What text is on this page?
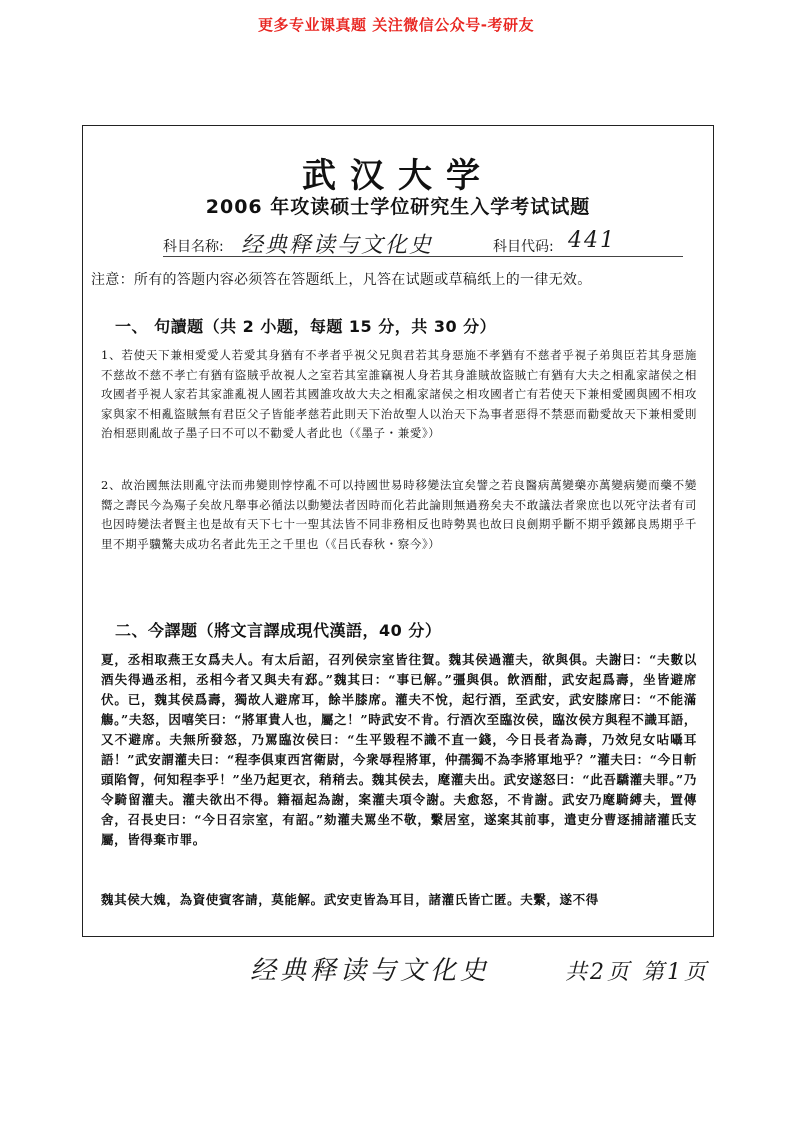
更多专业课真题 关注微信公众号-考研友
武汉大学
2006 年攻读硕士学位研究生入学考试试题
科目名称: 经典释读与文化史	科目代码: 441
注意：所有的答题内容必须答在答题纸上，凡答在试题或草稿纸上的一律无效。
一、 句讀题（共 2 小题，每题 15 分，共 30 分）

1、若使天下兼相愛愛人若愛其身猶有不孝者乎視父兄與君若其身惡施不孝猶有不慈者乎視子弟與臣若其身惡施不慈故不慈不孝亡有猶有盜賊乎故視人之室若其室誰竊視人身若其身誰賊故盜賊亡有猶有大夫之相亂家諸侯之相攻國者乎視人家若其家誰亂視人國若其國誰攻故大夫之相亂家諸侯之相攻國者亡有若使天下兼相愛國與國不相攻家與家不相亂盜賊無有君臣父子皆能孝慈若此則天下治故聖人以治天下為事者惡得不禁惡而勸愛故天下兼相愛則治相惡則亂故子墨子曰不可以不勸愛人者此也（《墨子・兼愛》）

2、故治國無法則亂守法而弗變則悖悖亂不可以持國世易時移變法宜矣譬之若良醫病萬變藥亦萬變病變而藥不變嚮之壽民今為殤子矣故凡舉事必循法以動變法者因時而化若此論則無過務矣夫不敢議法者衆庶也以死守法者有司也因時變法者賢主也是故有天下七十一聖其法皆不同非務相反也時勢異也故曰良劍期乎斷不期乎鏌鋣良馬期乎千里不期乎驥驁夫成功名者此先王之千里也（《吕氏春秋・察今》）

二、今譯题（將文言譯成現代漢語，40 分）

夏，丞相取燕王女爲夫人。有太后詔，召列侯宗室皆往賀。魏其侯過灌夫，欲與俱。夫謝曰：“夫數以酒失得過丞相，丞相今者又與夫有郄。”魏其曰：“事已解。”彊與俱。飲酒酣，武安起爲壽，坐皆避席伏。已，魏其侯爲壽，獨故人避席耳，餘半膝席。灌夫不悅，起行酒，至武安，武安膝席曰：“不能滿觴。”夫怒，因嘻笑曰：“將軍貴人也，屬之！”時武安不肯。行酒次至臨汝侯，臨汝侯方與程不識耳語，又不避席。夫無所發怒，乃罵臨汝侯曰：“生平毀程不識不直一錢，今日長者為壽，乃效兒女呫囁耳語！”武安謂灌夫曰：“程李俱東西宮衛尉，今衆辱程將軍，仲孺獨不為李將軍地乎？”灌夫曰：“今日斬頭陷胷，何知程李乎！”坐乃起更衣，稍稍去。魏其侯去，麾灌夫出。武安遂怒曰：“此吾驕灌夫罪。”乃令騎留灌夫。灌夫欲出不得。籍福起為謝，案灌夫項令謝。夫愈怒，不肯謝。武安乃麾騎縛夫，置傳舍，召長史曰：“今日召宗室，有詔。”劾灌夫罵坐不敬，繫居室，遂案其前事，遣吏分曹逐捕諸灌氏支屬，皆得棄市罪。

魏其侯大媿，為資使賓客請，莫能解。武安吏皆為耳目，諸灌氏皆亡匿。夫繫，遂不得

经典释读与文化史	共2页 第1页
